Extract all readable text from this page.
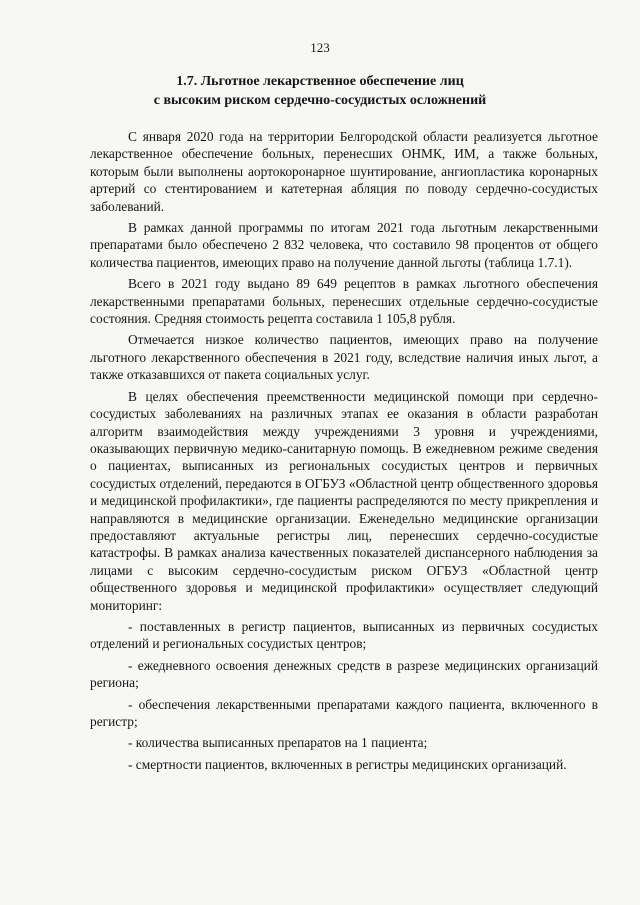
123
1.7. Льготное лекарственное обеспечение лиц
с высоким риском сердечно-сосудистых осложнений

С января 2020 года на территории Белгородской области реализуется льготное лекарственное обеспечение больных, перенесших ОНМК, ИМ, а также больных, которым были выполнены аортокоронарное шунтирование, ангиопластика коронарных артерий со стентированием и катетерная абляция по поводу сердечно-сосудистых заболеваний.

В рамках данной программы по итогам 2021 года льготным лекарственными препаратами было обеспечено 2 832 человека, что составило 98 процентов от общего количества пациентов, имеющих право на получение данной льготы (таблица 1.7.1).

Всего в 2021 году выдано 89 649 рецептов в рамках льготного обеспечения лекарственными препаратами больных, перенесших отдельные сердечно-сосудистые состояния. Средняя стоимость рецепта составила 1 105,8 рубля.

Отмечается низкое количество пациентов, имеющих право на получение льготного лекарственного обеспечения в 2021 году, вследствие наличия иных льгот, а также отказавшихся от пакета социальных услуг.

В целях обеспечения преемственности медицинской помощи при сердечно-сосудистых заболеваниях на различных этапах ее оказания в области разработан алгоритм взаимодействия между учреждениями 3 уровня и учреждениями, оказывающих первичную медико-санитарную помощь. В ежедневном режиме сведения о пациентах, выписанных из региональных сосудистых центров и первичных сосудистых отделений, передаются в ОГБУЗ «Областной центр общественного здоровья и медицинской профилактики», где пациенты распределяются по месту прикрепления и направляются в медицинские организации. Еженедельно медицинские организации предоставляют актуальные регистры лиц, перенесших сердечно-сосудистые катастрофы. В рамках анализа качественных показателей диспансерного наблюдения за лицами с высоким сердечно-сосудистым риском ОГБУЗ «Областной центр общественного здоровья и медицинской профилактики» осуществляет следующий мониторинг:

- поставленных в регистр пациентов, выписанных из первичных сосудистых отделений и региональных сосудистых центров;

- ежедневного освоения денежных средств в разрезе медицинских организаций региона;

- обеспечения лекарственными препаратами каждого пациента, включенного в регистр;

- количества выписанных препаратов на 1 пациента;

- смертности пациентов, включенных в регистры медицинских организаций.
